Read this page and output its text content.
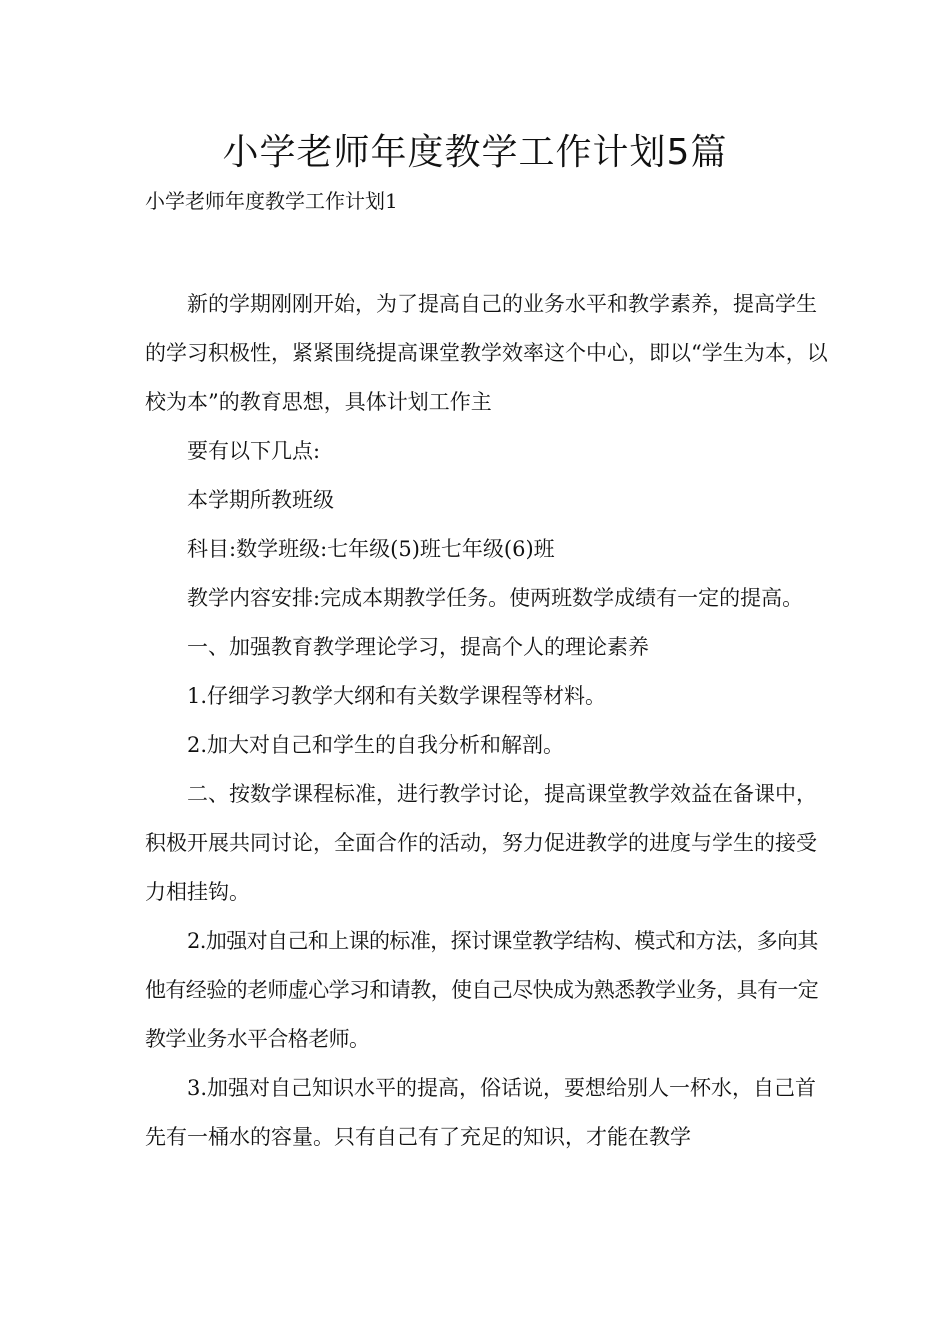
小学老师年度教学工作计划5篇
小学老师年度教学工作计划1

新的学期刚刚开始，为了提高自己的业务水平和教学素养，提高学生的学习积极性，紧紧围绕提高课堂教学效率这个中心，即以“学生为本，以校为本”的教育思想，具体计划工作主

要有以下几点:

本学期所教班级

科目:数学班级:七年级(5)班七年级(6)班

教学内容安排:完成本期教学任务。使两班数学成绩有一定的提高。

一、加强教育教学理论学习，提高个人的理论素养

1.仔细学习教学大纲和有关数学课程等材料。

2.加大对自己和学生的自我分析和解剖。

二、按数学课程标准，进行教学讨论，提高课堂教学效益在备课中，积极开展共同讨论，全面合作的活动，努力促进教学的进度与学生的接受力相挂钩。

2.加强对自己和上课的标准，探讨课堂教学结构、模式和方法，多向其他有经验的老师虚心学习和请教，使自己尽快成为熟悉教学业务，具有一定教学业务水平合格老师。

3.加强对自己知识水平的提高，俗话说，要想给别人一杯水，自己首先有一桶水的容量。只有自己有了充足的知识，才能在教学
